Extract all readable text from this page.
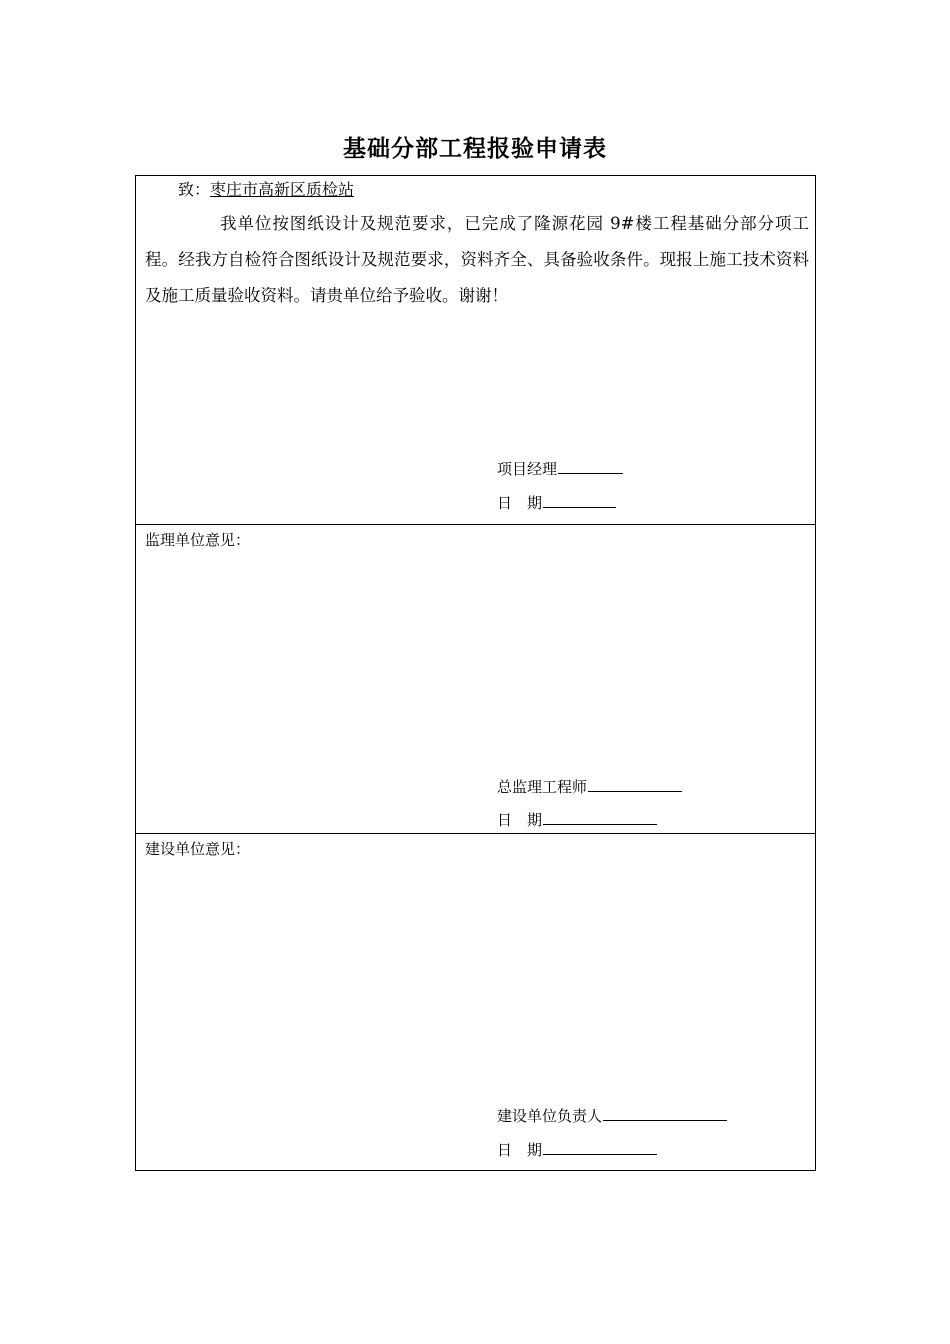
基础分部工程报验申请表
致：枣庄市高新区质检站
我单位按图纸设计及规范要求，已完成了隆源花园 9#楼工程基础分部分项工程。经我方自检符合图纸设计及规范要求，资料齐全、具备验收条件。现报上施工技术资料及施工质量验收资料。请贵单位给予验收。谢谢！
项目经理
日　期
监理单位意见：
总监理工程师
日　期
建设单位意见：
建设单位负责人
日　期
